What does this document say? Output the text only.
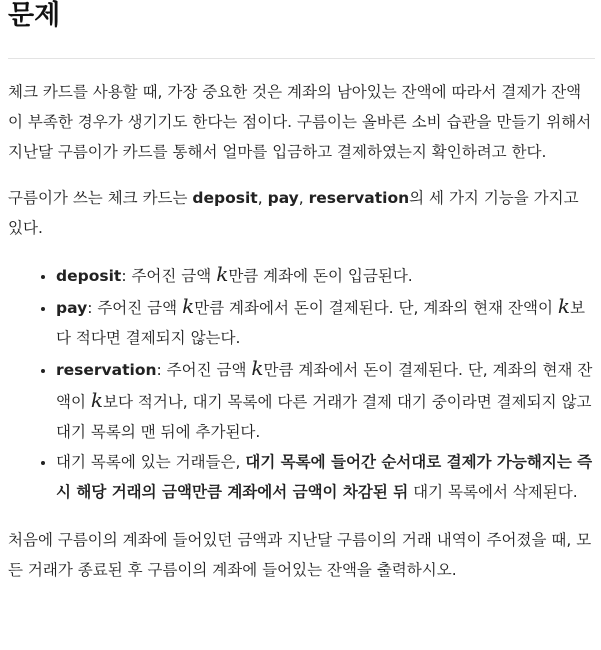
문제

체크 카드를 사용할 때, 가장 중요한 것은 계좌의 남아있는 잔액에 따라서 결제가 잔액이 부족한 경우가 생기기도 한다는 점이다. 구름이는 올바른 소비 습관을 만들기 위해서 지난달 구름이가 카드를 통해서 얼마를 입금하고 결제하였는지 확인하려고 한다.

구름이가 쓰는 체크 카드는 deposit, pay, reservation의 세 가지 기능을 가지고 있다.

• deposit: 주어진 금액 k만큼 계좌에 돈이 입금된다.
• pay: 주어진 금액 k만큼 계좌에서 돈이 결제된다. 단, 계좌의 현재 잔액이 k보다 적다면 결제되지 않는다.
• reservation: 주어진 금액 k만큼 계좌에서 돈이 결제된다. 단, 계좌의 현재 잔액이 k보다 적거나, 대기 목록에 다른 거래가 결제 대기 중이라면 결제되지 않고 대기 목록의 맨 뒤에 추가된다.
• 대기 목록에 있는 거래들은, 대기 목록에 들어간 순서대로 결제가 가능해지는 즉시 해당 거래의 금액만큼 계좌에서 금액이 차감된 뒤 대기 목록에서 삭제된다.

처음에 구름이의 계좌에 들어있던 금액과 지난달 구름이의 거래 내역이 주어졌을 때, 모든 거래가 종료된 후 구름이의 계좌에 들어있는 잔액을 출력하시오.
